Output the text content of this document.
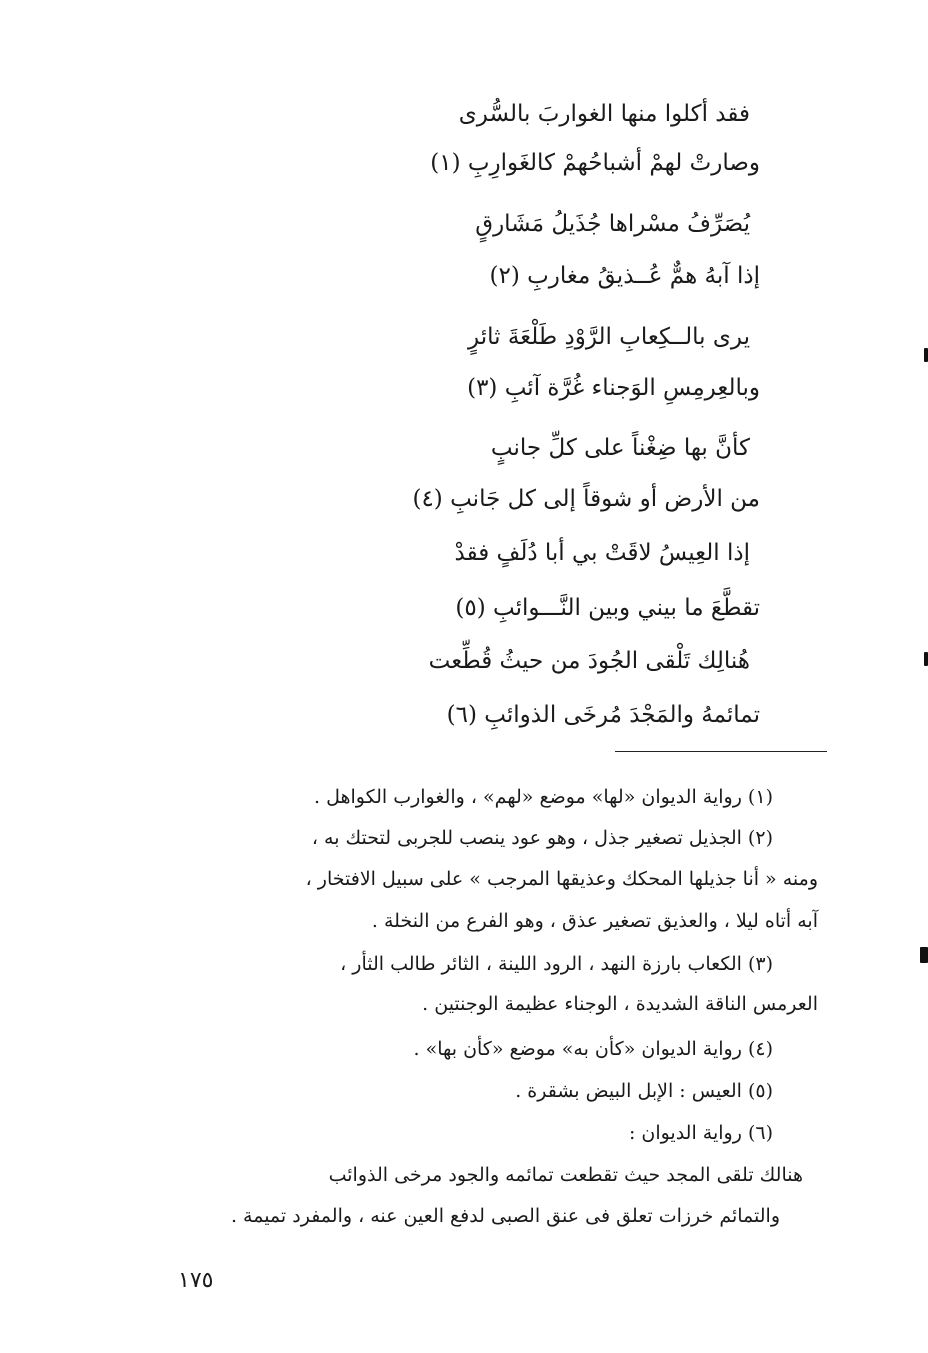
فقد أكلوا منها الغواربَ بالسُّرى
وصارتْ لهمْ أشباحُهمْ كالغَوارِبِ (١)
يُصَرِّفُ مسْراها جُذَيلُ مَشَارقٍ
إذا آبهُ همٌّ عُــذيقُ مغاربِ (٢)
يرى بالــكِعابِ الرَّوْدِ طَلْعَةَ ثائرٍ
وبالعِرمِسِ الوَجناء غُرَّة آئبِ (٣)
كأنَّ بها ضِغْناً على كلِّ جانبٍ
من الأرض أو شوقاً إلى كل جَانبِ (٤)
إذا العِيسُ لاقَتْ بي أبا دُلَفٍ فقدْ
تقطَّعَ ما بيني وبين النَّـــوائبِ (٥)
هُنالِك تَلْقى الجُودَ من حيثُ قُطِّعت
تمائمهُ والمَجْدَ مُرخَى الذوائبِ (٦)
(١) رواية الديوان «لها» موضع «لهم» ، والغوارب الكواهل .
(٢) الجذيل تصغير جذل ، وهو عود ينصب للجربى لتحتك به ،
ومنه « أنا جذيلها المحكك وعذيقها المرجب » على سبيل الافتخار ،
آبه أتاه ليلا ، والعذيق تصغير عذق ، وهو الفرع من النخلة .
(٣) الكعاب بارزة النهد ، الرود اللينة ، الثائر طالب الثأر ،
العرمس الناقة الشديدة ، الوجناء عظيمة الوجنتين .
(٤) رواية الديوان «كأن به» موضع «كأن بها» .
(٥) العيس : الإبل البيض بشقرة .
(٦) رواية الديوان :
هنالك تلقى المجد حيث تقطعت تمائمه والجود مرخى الذوائب
والتمائم خرزات تعلق فى عنق الصبى لدفع العين عنه ، والمفرد تميمة .
١٧٥
